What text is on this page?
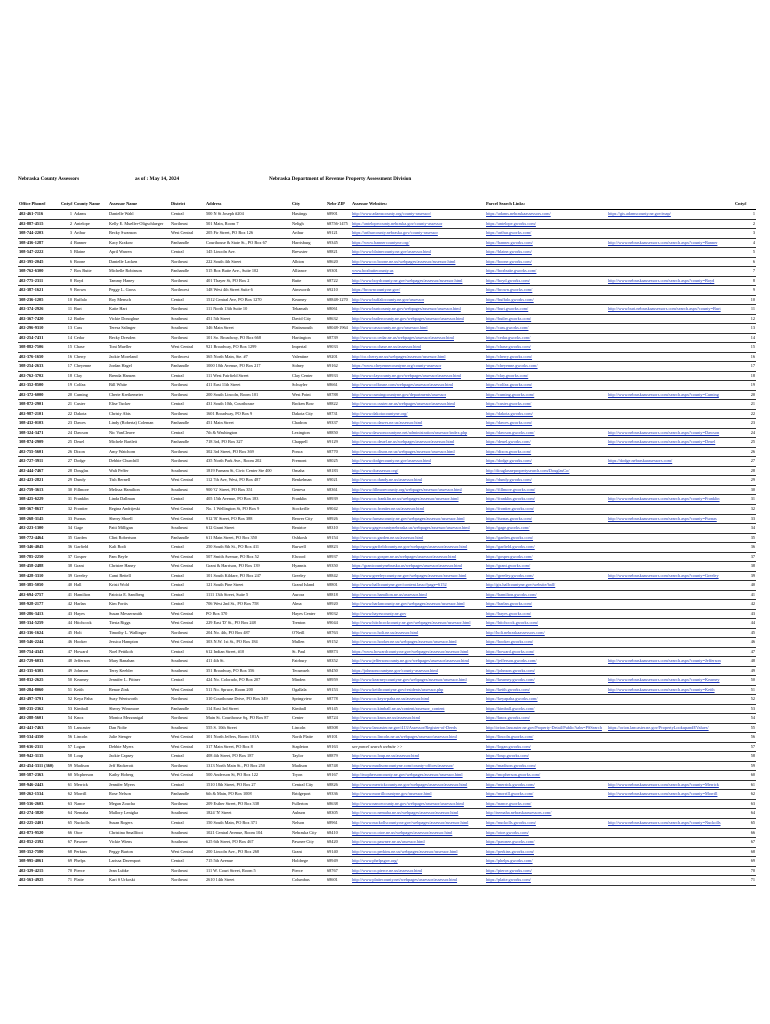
Nebraska County Assessors	as of : May 14, 2024	Nebraska Department of Revenue Property Assessment Division
Office Phone#	Cnty#	County Name	Assessor Name	District	Address	City	Nebr ZIP	Assessor Websites:		Parcel Search Links:		Cnty#
402-461-7116	1	Adams	Danielle Wahl	Central	500 N St Joseph #204	Hastings	68901	http://www.adamscounty.org/county-assessor/		https://adams.nebraskaassessors.com/	https://gis.adamscounty.ne.gov/map/	1
402-887-4515	2	Antelope	Kelly E. Mueller-Oligschlaeger	Northeast	501 Main, Room 7	Neligh	68756-1475	https://antelopecounty.nebraska.gov/county-assessor		https://antelope.gworks.com/		2
308-744-2203	3	Arthur	Becky Swanson	West Central	205 Fir Street, PO Box 126	Arthur	69121	https://arthurcounty.nebraska.gov/county-assessor		https://arthur.gworks.com/		3
308-436-1287	4	Banner	Kacy Krakow	Panhandle	Courthouse & State St., PO Box 67	Harrisburg	69345	https://www.bannercountyne.org/		https://banner.gworks.com/	http://www.nebraskaassessors.com/search.aspx?county=Banner	4
308-547-2222	5	Blaine	April Warren	Central	145 Lincoln Ave.	Brewster	68821	http://www.blainecounty.ne.gov/assessor.html		https://blaine.gworks.com/		5
402-395-2045	6	Boone	Danielle Lacken	Northeast	222 South 4th Street	Albion	68620	http://www.co.boone.ne.us/webpages/assessor/assessor.html		https://boone.gworks.com/		6
308-762-6300	7	Box Butte	Michelle Robinson	Panhandle	515 Box Butte Ave., Suite 102	Alliance	69301	www.boxbuttecounty.us		https://boxbutte.gworks.com/		7
402-775-2311	8	Boyd	Tammy Haney	Northeast	401 Thayer St, PO Box 2	Butte	68722	http://www.boydcounty.ne.gov/webpages/assessor/assessor.html		https://boyd.gworks.com/	http://www.nebraskaassessors.com/search.aspx?county=Boyd	8
402-387-1621	9	Brown	Peggy L. Gross	Northwest	148 West 4th Street Suite 6	Ainsworth	69210	https://browncounty.ne.gov/		https://brown.gworks.com/		9
308-236-1205	10	Buffalo	Roy Mensch	Central	1512 Central Ave, PO Box 1270	Kearney	68848-1270	http://www.buffalocounty.ne.gov/assessor		https://buffalo.gworks.com/		10
402-374-2926	11	Burt	Katie Hart	Northeast	111 North 13th Suite 10	Tekamah	68061	http://www.burtcounty.ne.gov/webpages/assessor/assessor.html		https://burt.gworks.com/	http://www.burt.nebraskaassessors.com/search.aspx?county=Burt	11
402-367-7420	12	Butler	Vickie Donoghue	Southeast	451 5th Street	David City	68632	http://www.butlercounty.ne.gov/webpages/assessor/assessor.html		https://butler.gworks.com/		12
402-296-9310	13	Cass	Teresa Salinger	Southeast	346 Main Street	Plattsmouth	68048-1964	http://www.casscounty.ne.gov/assessor.html		https://cass.gworks.com/		13
402-254-7431	14	Cedar	Becky Dresden	Northeast	101 So. Broadway, PO Box 668	Hartington	68739	http://www.co.cedar.ne.us/webpages/assessor/assessor.html		https://cedar.gworks.com/		14
308-882-7506	15	Chase	Toni Mueller	West Central	921 Broadway, PO Box 1299	Imperial	69033	http://www.co.chase.ne.us/assessor.html		https://chase.gworks.com/		15
402-376-1650	16	Cherry	Jackie Moreland	Northwest	365 North Main, Ste. #7	Valentine	69201	http://co.cherry.ne.us/webpages/assessor/assessor.html		https://cherry.gworks.com/		16
308-254-2633	17	Cheyenne	Jordan Hagel	Panhandle	1000 10th Avenue, PO Box 217	Sidney	69162	https://www.cheyennecountyne.org/county-assessor		https://cheyenne.gworks.com/		17
402-762-3702	18	Clay	Brenda Hansen	Central	111 West Fairfield Street	Clay Center	68933	http://www.claycounty.ne.gov/webpages/assessor/assessor.html		https://clay.gworks.com/		18
402-352-8500	19	Colfax	Bill White	Northeast	411 East 11th Street	Schuyler	68661	http://www.colfaxne.com/webpages/assessor/assessor.html		https://colfax.gworks.com/		19
402-372-6000	20	Cuming	Cherie Kreikemeier	Northeast	200 South Lincoln, Room 101	West Point	68788	http://www.cumingcountyne.gov/departments/assessor		https://cuming.gworks.com/	http://www.nebraskaassessors.com/search.aspx?county=Cuming	20
308-872-2901	21	Custer	Elise Tucker	Central	431 South 10th, Courthouse	Broken Bow	68822	http://www.co.custer.ne.us/webpages/assessor/assessor.html		https://custer.gworks.com/		21
402-987-2101	22	Dakota	Christy Abts	Northeast	1601 Broadway, PO Box 9	Dakota City	68731	http://www.dakotacountyne.org/		https://dakota.gworks.com/		22
308-432-0103	23	Dawes	Lindy (Roberta) Coleman	Panhandle	451 Main Street	Chadron	69337	http://www.co.dawes.ne.us/assessor.html		https://dawes.gworks.com/		23
308-324-3471	24	Dawson	Nic VanCleave	Central	7th & Washington	Lexington	68850	http://www.dawsoncountyne.net/administration/assessor/index.php		https://dawson.gworks.com/	http://www.nebraskaassessors.com/search.aspx?county=Dawson	24
308-874-2909	25	Deuel	Michele Bartlett	Panhandle	718 3rd, PO Box 327	Chappell	69129	http://www.co.deuel.ne.us/webpages/assessor/assessor.html		https://deuel.gworks.com/	http://www.nebraskaassessors.com/search.aspx?county=Deuel	25
402-755-5601	26	Dixon	Amy Watchorn	Northeast	302 3rd Street, PO Box 369	Ponca	68770	http://www.co.dixon.ne.us/webpages/assessor/assessor.html		https://dixon.gworks.com/		26
402-727-3911	27	Dodge	Debbie Churchill	Northeast	435 North Park Ave., Room 202	Fremont	68025	http://www.dodgecounty.ne.gov/assessor.html		https://dodge.gworks.com/	https://dodge.nebraskaassessors.com/	27
402-444-7467	28	Douglas	Walt Peffer	Southeast	1819 Farnam St, Civic Center Ste 400	Omaha	68183	http://www.dcassessor.org/		http://douglasnepropertysearch.com/DouglasCo/		28
402-423-2821	29	Dundy	Tish Bernell	West Central	112 7th Ave, West, PO Box 487	Benkelman	69021	http://www.co.dundy.ne.us/assessor.html		https://dundy.gworks.com/		29
402-759-3613	30	Fillmore	Melissa Hamilton	Southeast	900 'G' Street, PO Box 351	Geneva	68361	http://www.fillmorecounty.org/webpages/assessor/assessor.html		https://fillmore.gworks.com/		30
308-425-6229	31	Franklin	Linda Dallman	Central	405 15th Avenue, PO Box 183	Franklin	68939	http://www.co.franklin.ne.us/webpages/assessor/assessor.html		https://franklin.gworks.com/	http://www.nebraskaassessors.com/search.aspx?county=Franklin	31
308-367-8637	32	Frontier	Regina Andrijeski	West Central	No. 1 Wellington St, PO Box 9	Stockville	69042	http://www.co.frontier.ne.us/assessor.html		https://frontier.gworks.com/		32
308-268-3145	33	Furnas	Sherry Shoell	West Central	912 'R' Street, PO Box 388	Beaver City	68926	http://www.furnascounty.ne.gov/webpages/assessor/assessor.html		https://furnas.gworks.com/	http://www.nebraskaassessors.com/search.aspx?county=Furnas	33
402-223-1300	34	Gage	Patti Milligan	Southeast	612 Grant Street	Beatrice	68310	http://www.gagecountynebraska.us/webpages/assessor/assessor.html		https://gage.gworks.com/		34
308-772-4464	35	Garden	Clint Robertson	Panhandle	611 Main Street, PO Box 350	Oshkosh	69154	http://www.co.garden.ne.us/assessor.html		https://garden.gworks.com/		35
308-346-4045	36	Garfield	Kali Bodi	Central	250 South 8th St., PO Box 411	Burwell	68823	http://www.garfieldcounty.ne.gov/webpages/assessor/assessor.html		https://garfield.gworks.com/		36
308-785-2250	37	Gosper	Pam Beyle	West Central	507 Smith Avenue, PO Box 52	Elwood	68937	http://www.co.gosper.ne.us/webpages/assessor/assessor.html		https://gosper.gworks.com/		37
308-458-2488	38	Grant	Christee Haney	West Central	Grant & Harrison, PO Box 139	Hyannis	69350	https://grantcountynebraska.us/webpages/assessor/assessor.html		https://grant.gworks.com/		38
308-428-3310	39	Greeley	Cami Bettell	Central	101 South Kildare, PO Box 247	Greeley	68842	http://www.greeleycounty.ne.gov/webpages/assessor/assessor.html		https://greeley.gworks.com/	http://www.nebraskaassessors.com/search.aspx?county=Greeley	39
308-385-5050	40	Hall	Kristi Wold	Central	121 South Pine Street	Grand Island	68801	http://www.hallcountyne.gov/content.lasso?page=6152		http://gis.hallcountyne.gov/website/hall/		40
402-694-2757	41	Hamilton	Patricia E. Sandberg	Central	1111 13th Street, Suite 5	Aurora	68818	http://www.co.hamilton.ne.us/assessor.html		https://hamilton.gworks.com/		41
308-928-2177	42	Harlan	Kim Fortis	Central	706 West 2nd St., PO Box 758	Alma	68920	http://www.harlancounty.ne.gov/webpages/assessor/assessor.html		https://harlan.gworks.com/		42
308-286-3413	43	Hayes	Susan Messersmith	West Central	PO Box 370	Hayes Center	69032	http://www.hayescounty.ne.gov		https://hayes.gworks.com/		43
308-334-5259	44	Hitchcock	Tiesta Riggs	West Central	229 East 'D' St., PO Box 248	Trenton	69044	http://www.hitchcockcounty.ne.gov/webpages/assessor/assessor.html		https://hitchcock.gworks.com/		44
402-336-1624	45	Holt	Timothy L. Wallinger	Northeast	204 No. 4th, PO Box 487	O'Neill	68763	http://www.co.holt.ne.us/assessor.html		http://holt.nebraskaassessors.com/		45
308-546-2244	46	Hooker	Jessica Hampton	West Central	303 N.W. 1st St., PO Box 184	Mullen	69152	http://www.co.hooker.ne.us/webpages/assessor/assessor.html		https://hooker.gworks.com/		46
308-754-4343	47	Howard	Noel Pettikoh	Central	612 Indian Street, #10	St. Paul	68873	https://www.howardcounty.ne.gov/webpages/assessor/assessor.html		https://howard.gworks.com/		47
402-729-6033	48	Jefferson	Mary Banahan	Southeast	411 4th St.	Fairbury	68352	http://www.jeffersoncounty.ne.gov/webpages/assessor/assessor.html		https://jefferson.gworks.com/	http://www.nebraskaassessors.com/search.aspx?county=Jefferson	48
402-335-6303	49	Johnson	Terry Keebler	Southeast	351 Broadway, PO Box 356	Tecumseh	68450	https://johnsoncountyne.gov/county-assessor.html		https://johnson.gworks.com/		49
308-832-2625	50	Kearney	Jennifer L. Pittner	Central	424 No. Colorado, PO Box 207	Minden	68959	http://www.kearneycountyne.gov/webpages/assessor/assessor.html		https://kearney.gworks.com/	http://www.nebraskaassessors.com/search.aspx?county=Kearney	50
308-284-8060	51	Keith	Renae Zink	West Central	511 No. Spruce, Room 200	Ogallala	69153	http://www.keithcountyne.gov/residents/assessor.php		https://keith.gworks.com/	http://www.nebraskaassessors.com/search.aspx?county=Keith	51
402-497-3791	52	Keya Paha	Suzy Wentworth	Northeast	310 Courthouse Drive, PO Box 349	Springview	68778	http://www.co.keya-paha.ne.us/assessor.html		https://keyapaha.gworks.com/		52
308-235-2362	53	Kimball	Sherry Winsmore	Panhandle	114 East 3rd Street	Kimball	69145	http://www.co.kimball.ne.us/content/assessor_content		https://kimball.gworks.com/		53
402-288-5601	54	Knox	Monica Mezzanigal	Northeast	Main St. Courthouse Sq, PO Box 87	Center	68724	http://www.co.knox.ne.us/assessor.html		https://knox.gworks.com/		54
402-441-7463	55	Lancaster	Dan Nolte	Southeast	555 S. 10th Street	Lincoln	68508	http://www.lancaster.ne.gov/413/Assessor/Register-of-Deeds		http://orion.lancaster.ne.gov/Property-Detail/Public?tabs=PSSearch	https://orion.lancaster.ne.gov/PropertyLookupandEValues/	55
308-534-4350	56	Lincoln	Julie Stenger	West Central	301 North Jeffers, Room 101A	North Platte	69101	http://www.co.lincoln.ne.us/webpages/assessor/assessor.html		https://lincoln.gworks.com/		56
308-636-2311	57	Logan	Debbie Myers	West Central	317 Main Street, PO Box 8	Stapleton	69163	see parcel search website >>		https://logan.gworks.com/		57
308-942-3135	58	Loup	Jackie Capsey	Central	408 4th Street, PO Box 187	Taylor	68879	http://www.co.loup.ne.us/assessor.html		https://loup.gworks.com/		58
402-454-3311 (360)	59	Madison	Jeff Hackerott	Northeast	1313 North Main St., PO Box 250	Madison	68748	http://www.madisoncountyne.com/county-offices/assessor/		https://madison.gworks.com/		59
308-587-2363	60	Mcpherson	Kathy Hoberg	West Central	500 Anderson St, PO Box 122	Tryon	69167	http://mcphersoncounty.ne.gov/webpages/assessor/assessor.html		https://mcpherson.gworks.com/		60
308-946-2443	61	Merrick	Jennifer Myers	Central	1510 18th Street, PO Box 27	Central City	68826	http://www.merrickcounty.ne.gov/webpages/assessor/assessor.html		https://merrick.gworks.com/	http://www.nebraskaassessors.com/search.aspx?county=Merrick	61
308-262-1534	62	Morrill	Rose Nelson	Panhandle	6th & Main, PO Box 1008	Bridgeport	69336	http://www.morrillcountyne.gov/assessor.html		https://morrill.gworks.com/	http://www.nebraskaassessors.com/search.aspx?county=Morrill	62
308-536-2603	63	Nance	Megan Zoucha	Northeast	209 Esther Street, PO Box 338	Fullerton	68638	http://www.nancecounty.ne.gov/webpages/assessor/assessor.html		https://nance.gworks.com/		63
402-274-3820	64	Nemaha	Mallory Lenigka	Southeast	1824 'N' Street	Auburn	68305	http://www.co.nemaha.ne.us/webpages/assessor/assessor.html		http://nemaha.nebraskaassessors.com/		64
402-225-2401	65	Nuckolls	Susan Rogers	Central	150 South Main, PO Box 371	Nelson	68961	http://www.nuckollscounty.ne.gov/webpages/assessor/assessor.html		https://nuckolls.gworks.com/	http://www.nebraskaassessors.com/search.aspx?county=Nuckolls	65
402-873-9520	66	Otoe	Christina Smallfoot	Southeast	1021 Central Avenue, Room 104	Nebraska City	68410	http://www.co.otoe.ne.us/webpages/assessor/assessor.html		https://otoe.gworks.com/		66
402-852-2392	67	Pawnee	Vickie Wiens	Southeast	625 6th Street, PO Box 467	Pawnee City	68420	http://www.co.pawnee.ne.us/assessor.html		https://pawnee.gworks.com/		67
308-352-7580	68	Perkins	Peggy Burton	West Central	200 Lincoln Ave., PO Box 268	Grant	69140	http://www.co.perkins.ne.us/webpages/assessor/assessor.html		https://perkins.gworks.com/		68
308-995-4061	69	Phelps	Larissa Davenport	Central	715 5th Avenue	Holdrege	68949	http://www.phelpsgov.org/		https://phelps.gworks.com/		69
402-329-4215	70	Pierce	Jean Lubke	Northeast	111 W. Court Street, Room 5	Pierce	68767	http://www.co.pierce.ne.us/assessor.html		https://pierce.gworks.com/		70
402-563-4925	71	Platte	Kari S Urkoski	Northeast	2610 14th Street	Columbus	68601	http://www.plattecounty.net/webpages/assessor/assessor.html		https://platte.gworks.com/		71
